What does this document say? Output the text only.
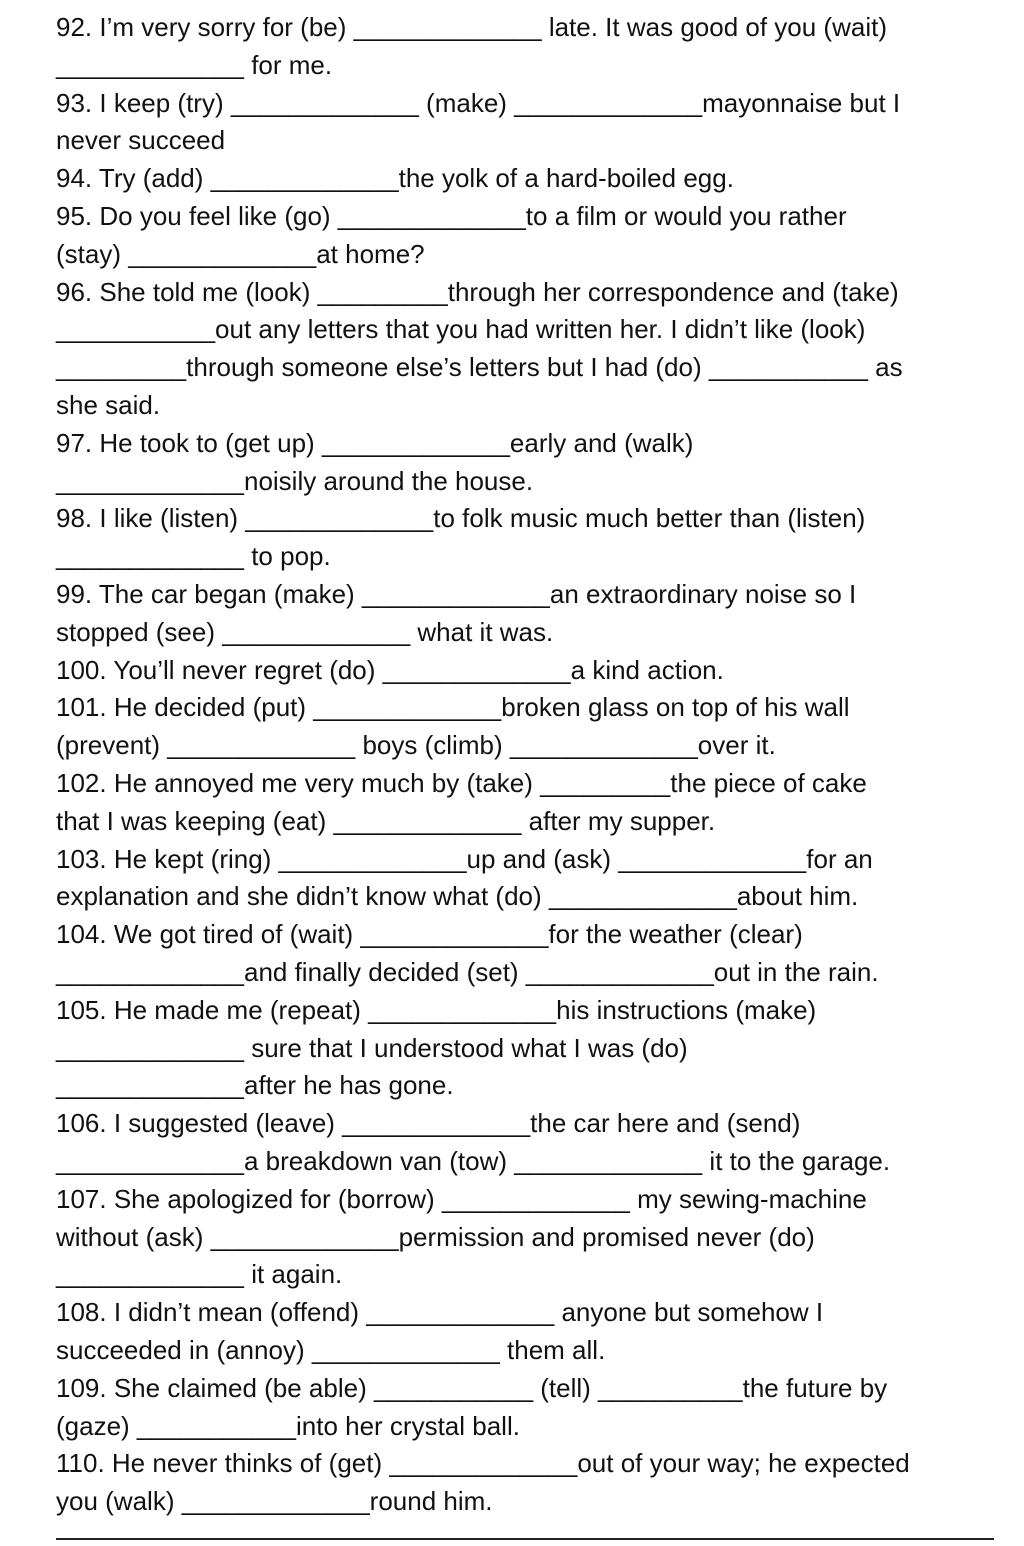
92. I’m very sorry for (be) _____________ late. It was good of you (wait)
_____________ for me.
93. I keep (try) _____________ (make) _____________mayonnaise but I
never succeed
94. Try (add) _____________the yolk of a hard-boiled egg.
95. Do you feel like (go) _____________to a film or would you rather
(stay) _____________at home?
96. She told me (look) _________through her correspondence and (take)
___________out any letters that you had written her. I didn’t like (look)
_________through someone else’s letters but I had (do) ___________ as
she said.
97. He took to (get up) _____________early and (walk)
_____________noisily around the house.
98. I like (listen) _____________to folk music much better than (listen)
_____________ to pop.
99. The car began (make) _____________an extraordinary noise so I
stopped (see) _____________ what it was.
100. You’ll never regret (do) _____________a kind action.
101. He decided (put) _____________broken glass on top of his wall
(prevent) _____________ boys (climb) _____________over it.
102. He annoyed me very much by (take) _________the piece of cake
that I was keeping (eat) _____________ after my supper.
103. He kept (ring) _____________up and (ask) _____________for an
explanation and she didn’t know what (do) _____________about him.
104. We got tired of (wait) _____________for the weather (clear)
_____________and finally decided (set) _____________out in the rain.
105. He made me (repeat) _____________his instructions (make)
_____________ sure that I understood what I was (do)
_____________after he has gone.
106. I suggested (leave) _____________the car here and (send)
_____________a breakdown van (tow) _____________ it to the garage.
107. She apologized for (borrow) _____________ my sewing-machine
without (ask) _____________permission and promised never (do)
_____________ it again.
108. I didn’t mean (offend) _____________ anyone but somehow I
succeeded in (annoy) _____________ them all.
109. She claimed (be able) ___________ (tell) __________the future by
(gaze) ___________into her crystal ball.
110. He never thinks of (get) _____________out of your way; he expected
you (walk) _____________round him.
